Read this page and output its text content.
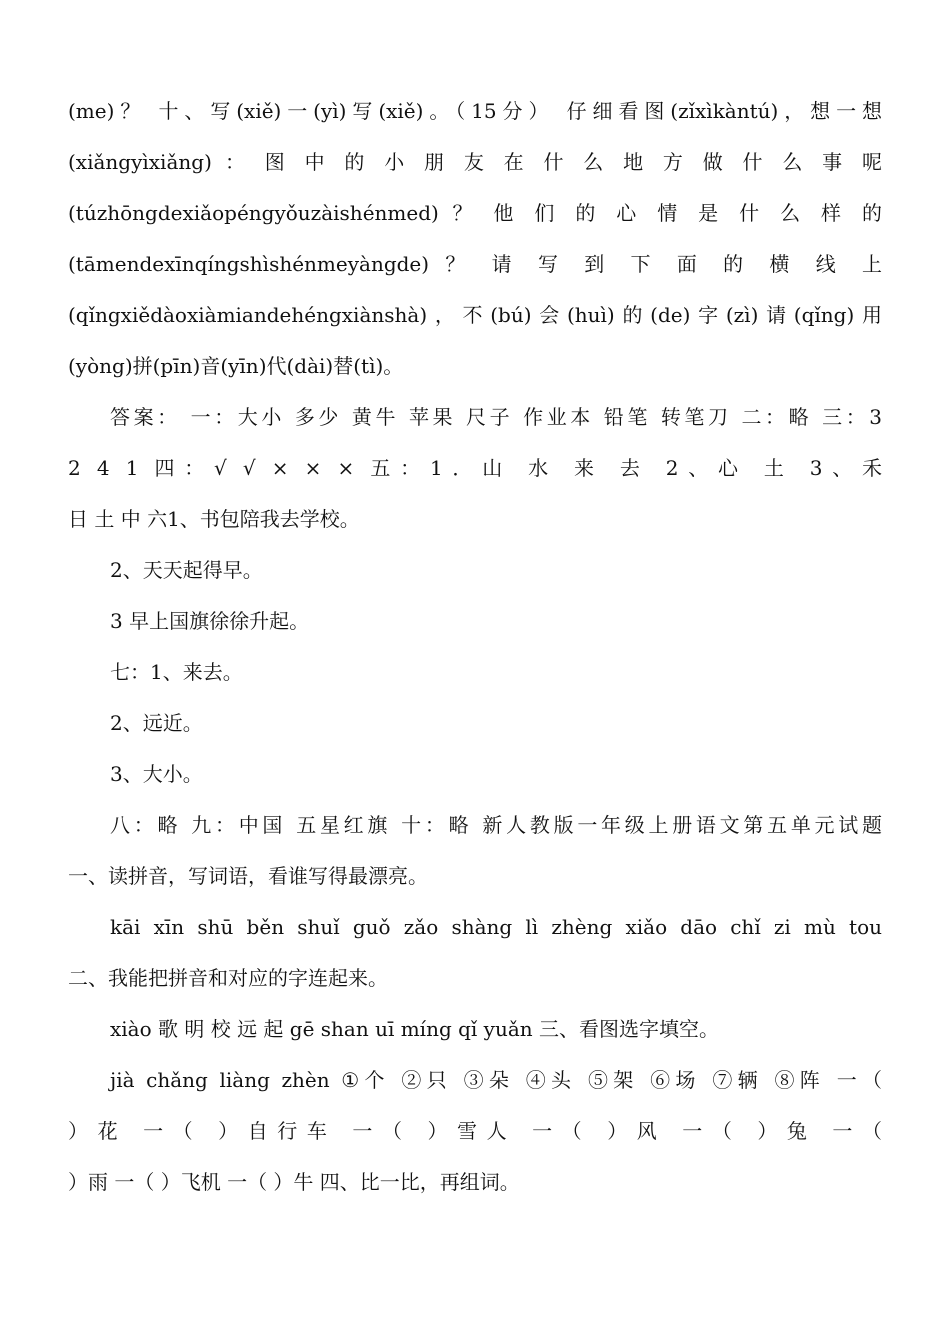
(me)？ 十、写(xiě)一(yì)写(xiě)。（15分） 仔细看图(zǐxìkàntú)，想一想
(xiǎngyìxiǎng) ： 图 中 的 小 朋 友 在 什 么 地 方 做 什 么 事 呢
(túzhōngdexiǎopéngyǒuzàishénmed) ？ 他 们 的 心 情 是 什 么 样 的
(tāmendexīnqíngshìshénmeyàngde) ？ 请 写 到 下 面 的 横 线 上
(qǐngxiědàoxiàmiandehéngxiànshà)，不(bú)会(huì)的(de)字(zì)请(qǐng)用
(yòng)拼(pīn)音(yīn)代(dài)替(tì)。
答案： 一：大小 多少 黄牛 苹果 尺子 作业本 铅笔 转笔刀 二：略 三：3
2 4 1 四：√ √ × × × 五：1．山 水 来 去 2、心 土 3、禾
日 土 中 六1、书包陪我去学校。
2、天天起得早。
3 早上国旗徐徐升起。
七：1、来去。
2、远近。
3、大小。
八：略 九：中国 五星红旗 十：略 新人教版一年级上册语文第五单元试题
一、读拼音，写词语，看谁写得最漂亮。
kāi xīn shū běn shuǐ guǒ zǎo shàng lì zhèng xiǎo dāo chǐ zi mù tou
二、我能把拼音和对应的字连起来。
xiào 歌 明 校 远 起 gē shan uī míng qǐ yuǎn 三、看图选字填空。
jià chǎng liàng zhèn ①个 ②只 ③朵 ④头 ⑤架 ⑥场 ⑦辆 ⑧阵 一（
）花 一（ ）自行车 一（ ）雪人 一（ ）风 一（ ）兔 一（
）雨 一（ ）飞机 一（ ）牛 四、比一比，再组词。
